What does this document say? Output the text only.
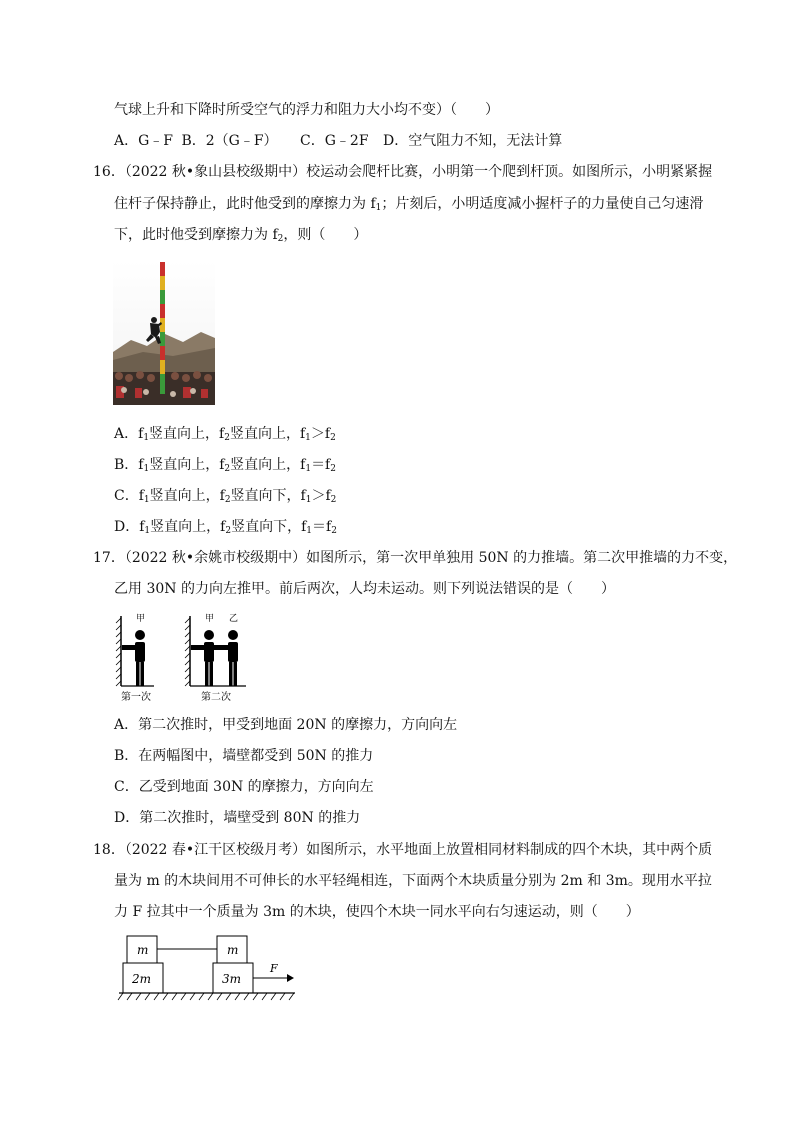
气球上升和下降时所受空气的浮力和阻力大小均不变）（　　）
A．G﹣F B．2（G﹣F） C．G﹣2F D．空气阻力不知，无法计算
16．（2022 秋•象山县校级期中）校运动会爬杆比赛，小明第一个爬到杆顶。如图所示，小明紧紧握
住杆子保持静止，此时他受到的摩擦力为 $f_1$；片刻后，小明适度减小握杆子的力量使自己匀速滑
下，此时他受到摩擦力为 $f_2$，则（　　）
A．$f_1$竖直向上，$f_2$竖直向上，$f_1>f_2$
B．$f_1$竖直向上，$f_2$竖直向上，$f_1=f_2$
C．$f_1$竖直向上，$f_2$竖直向下，$f_1>f_2$
D．$f_1$竖直向上，$f_2$竖直向下，$f_1=f_2$
17．（2022 秋•余姚市校级期中）如图所示，第一次甲单独用 50N 的力推墙。第二次甲推墙的力不变，
乙用 30N 的力向左推甲。前后两次，人均未运动。则下列说法错误的是（　　）
甲
第一次
甲 乙
第二次
A．第二次推时，甲受到地面 20N 的摩擦力，方向向左
B．在两幅图中，墙壁都受到 50N 的推力
C．乙受到地面 30N 的摩擦力，方向向左
D．第二次推时，墙壁受到 80N 的推力
18．（2022 春•江干区校级月考）如图所示，水平地面上放置相同材料制成的四个木块，其中两个质
量为 m 的木块间用不可伸长的水平轻绳相连，下面两个木块质量分别为 2m 和 3m。现用水平拉
力 F 拉其中一个质量为 3m 的木块，使四个木块一同水平向右匀速运动，则（　　）
m	m
2m	3m
F
